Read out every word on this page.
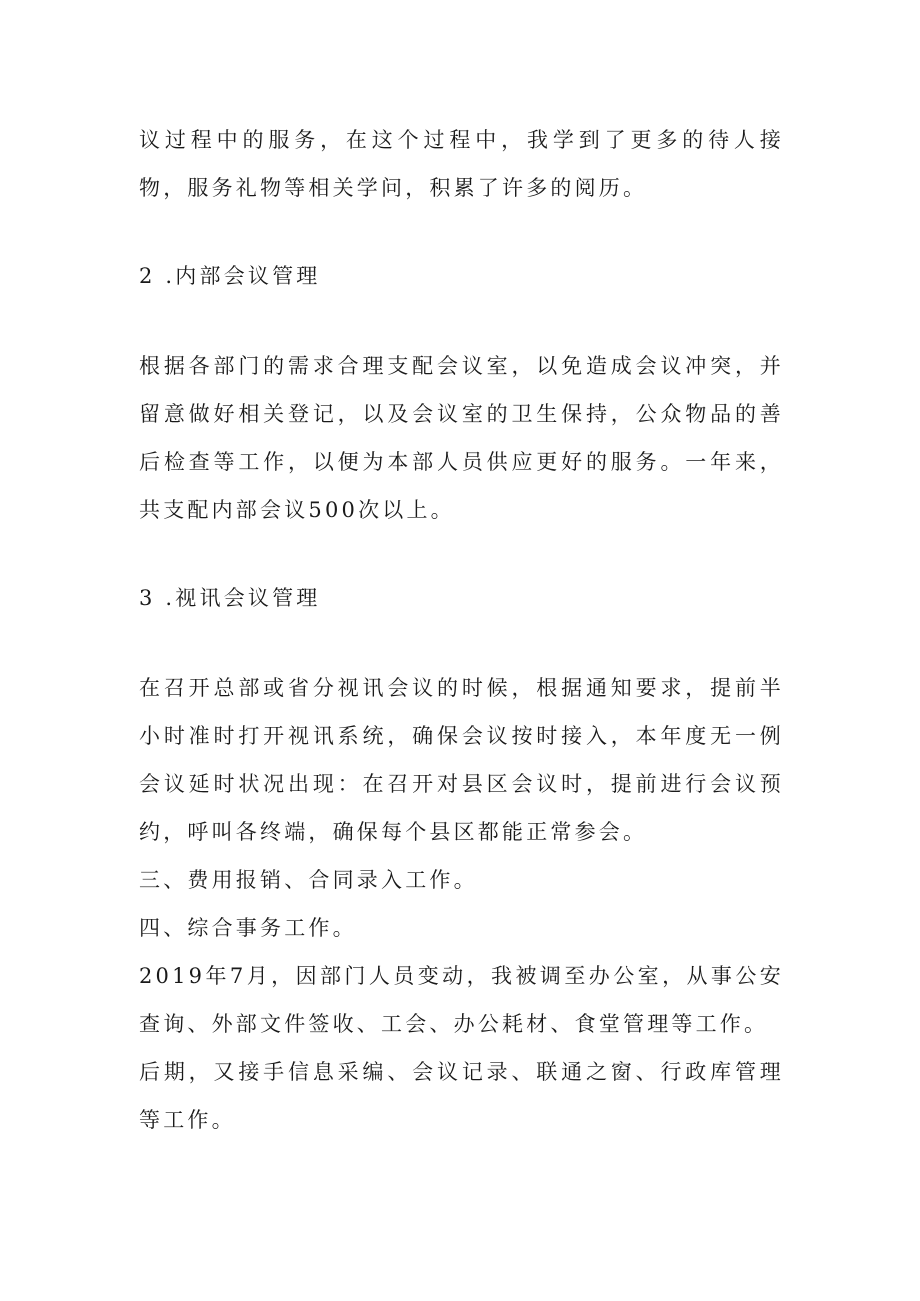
议过程中的服务，在这个过程中，我学到了更多的待人接物，服务礼物等相关学问，积累了许多的阅历。

2 .内部会议管理

根据各部门的需求合理支配会议室，以免造成会议冲突，并留意做好相关登记，以及会议室的卫生保持，公众物品的善后检查等工作，以便为本部人员供应更好的服务。一年来，共支配内部会议500次以上。

3 .视讯会议管理

在召开总部或省分视讯会议的时候，根据通知要求，提前半小时准时打开视讯系统，确保会议按时接入，本年度无一例会议延时状况出现：在召开对县区会议时，提前进行会议预约，呼叫各终端，确保每个县区都能正常参会。

三、费用报销、合同录入工作。

四、综合事务工作。

2019年7月，因部门人员变动，我被调至办公室，从事公安查询、外部文件签收、工会、办公耗材、食堂管理等工作。

后期，又接手信息采编、会议记录、联通之窗、行政库管理等工作。
